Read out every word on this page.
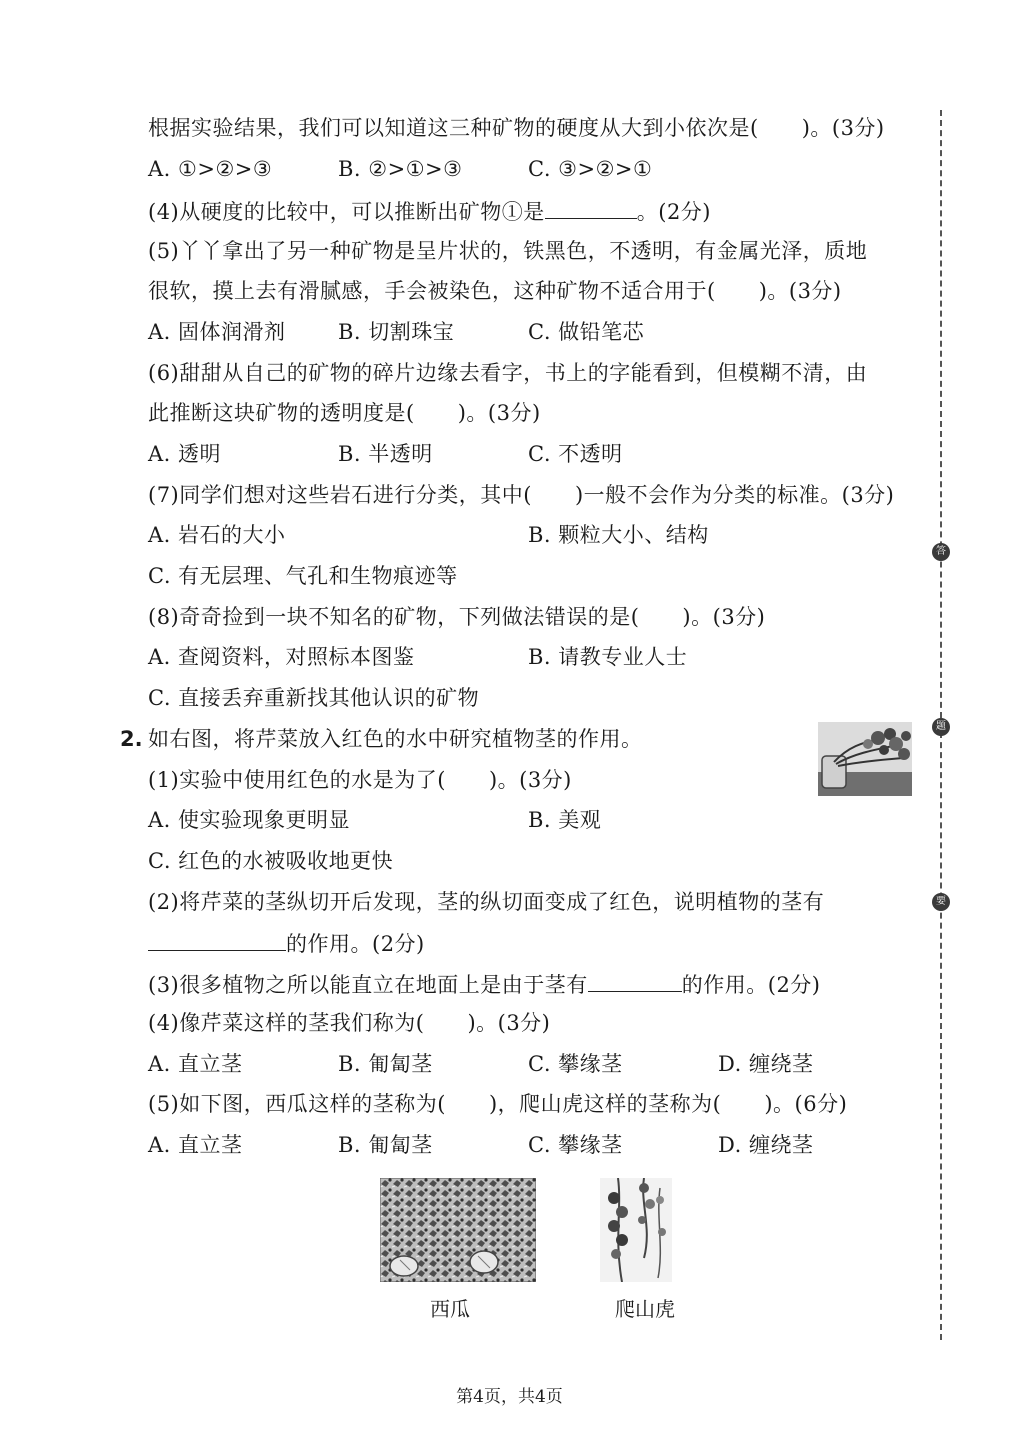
答
题
要
根据实验结果，我们可以知道这三种矿物的硬度从大到小依次是(　　)。(3分)
A. ①>②>③	B. ②>①>③	C. ③>②>①
(4)从硬度的比较中，可以推断出矿物①是	。(2分)
(5)丫丫拿出了另一种矿物是呈片状的，铁黑色，不透明，有金属光泽，质地
很软，摸上去有滑腻感，手会被染色，这种矿物不适合用于(　　)。(3分)
A. 固体润滑剂 B. 切割珠宝	C. 做铅笔芯
(6)甜甜从自己的矿物的碎片边缘去看字，书上的字能看到，但模糊不清，由
此推断这块矿物的透明度是(　　)。(3分)
A. 透明	B. 半透明	C. 不透明
(7)同学们想对这些岩石进行分类，其中(　　)一般不会作为分类的标准。(3分)
A. 岩石的大小	B. 颗粒大小、结构
C. 有无层理、气孔和生物痕迹等
(8)奇奇捡到一块不知名的矿物，下列做法错误的是(　　)。(3分)
A. 查阅资料，对照标本图鉴	B. 请教专业人士
C. 直接丢弃重新找其他认识的矿物
2. 如右图，将芹菜放入红色的水中研究植物茎的作用。
(1)实验中使用红色的水是为了(　　)。(3分)
A. 使实验现象更明显	B. 美观
C. 红色的水被吸收地更快
(2)将芹菜的茎纵切开后发现，茎的纵切面变成了红色，说明植物的茎有
的作用。(2分)
(3)很多植物之所以能直立在地面上是由于茎有	的作用。(2分)
(4)像芹菜这样的茎我们称为(　　)。(3分)
A. 直立茎	B. 匍匐茎	C. 攀缘茎	D. 缠绕茎
(5)如下图，西瓜这样的茎称为(　　)，爬山虎这样的茎称为(　　)。(6分)
A. 直立茎	B. 匍匐茎	C. 攀缘茎	D. 缠绕茎
西瓜	爬山虎
第4页，共4页
